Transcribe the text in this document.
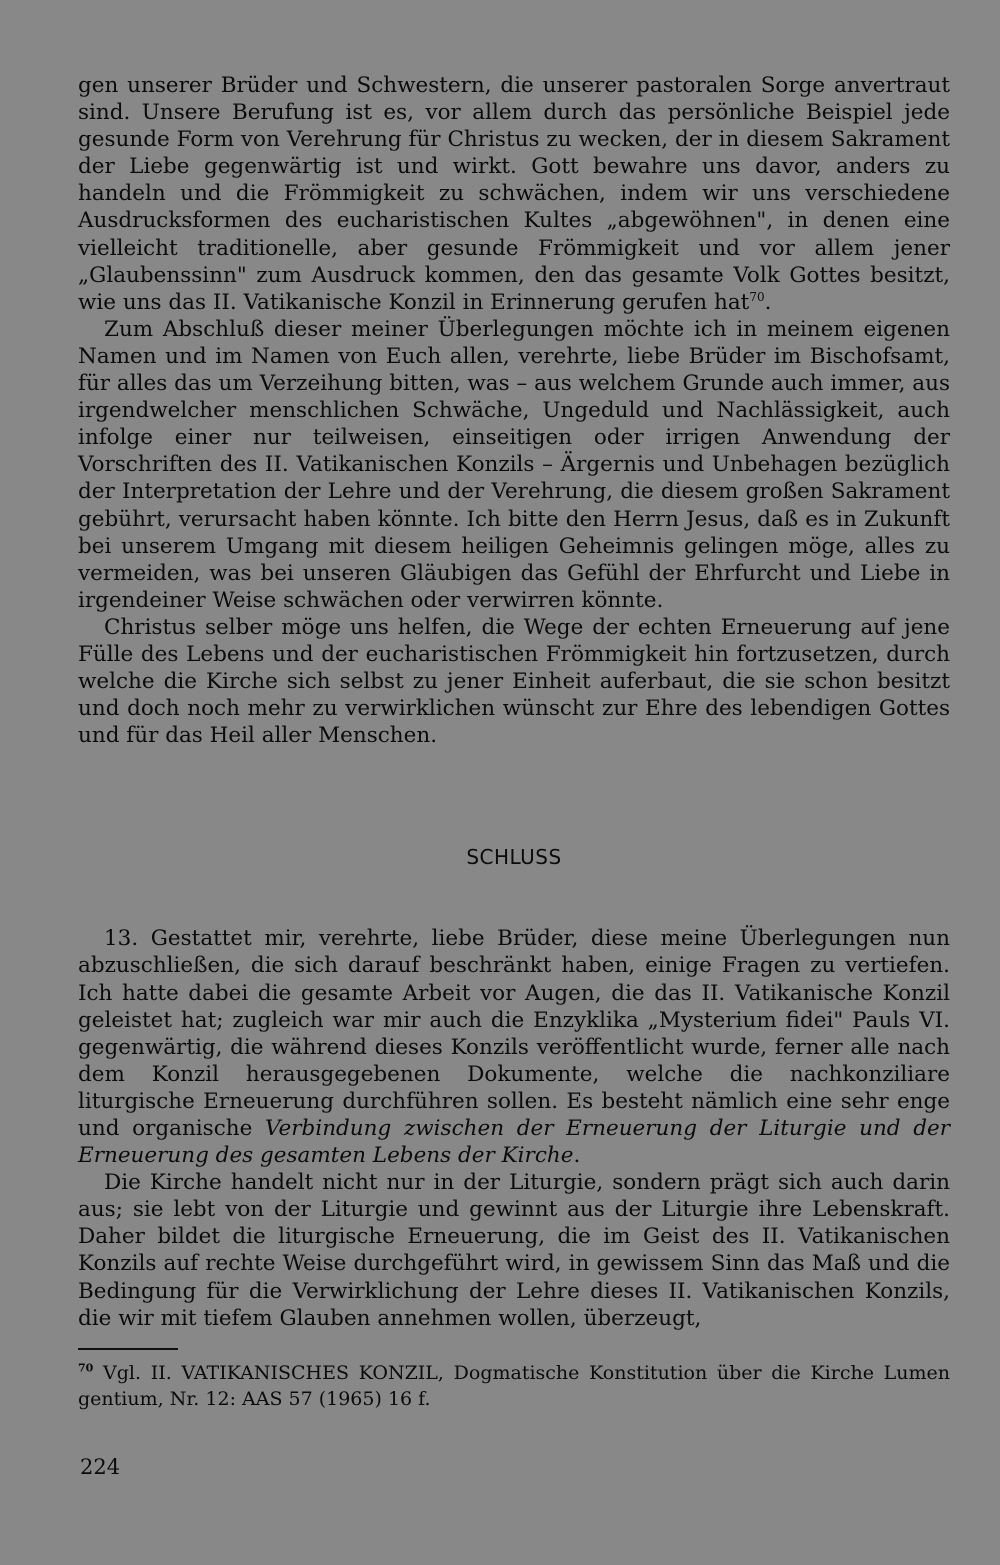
gen unserer Brüder und Schwestern, die unserer pastoralen Sorge anvertraut sind. Unsere Berufung ist es, vor allem durch das persönliche Beispiel jede gesunde Form von Verehrung für Christus zu wecken, der in diesem Sakrament der Liebe gegenwärtig ist und wirkt. Gott bewahre uns davor, anders zu handeln und die Frömmigkeit zu schwächen, indem wir uns verschiedene Ausdrucksformen des eucharistischen Kultes „abgewöhnen", in denen eine vielleicht traditionelle, aber gesunde Frömmigkeit und vor allem jener „Glaubenssinn" zum Ausdruck kommen, den das gesamte Volk Gottes besitzt, wie uns das II. Vatikanische Konzil in Erinnerung gerufen hat$^{70}$.

Zum Abschluß dieser meiner Überlegungen möchte ich in meinem eigenen Namen und im Namen von Euch allen, verehrte, liebe Brüder im Bischofsamt, für alles das um Verzeihung bitten, was – aus welchem Grunde auch immer, aus irgendwelcher menschlichen Schwäche, Ungeduld und Nachlässigkeit, auch infolge einer nur teilweisen, einseitigen oder irrigen Anwendung der Vorschriften des II. Vatikanischen Konzils – Ärgernis und Unbehagen bezüglich der Interpretation der Lehre und der Verehrung, die diesem großen Sakrament gebührt, verursacht haben könnte. Ich bitte den Herrn Jesus, daß es in Zukunft bei unserem Umgang mit diesem heiligen Geheimnis gelingen möge, alles zu vermeiden, was bei unseren Gläubigen das Gefühl der Ehrfurcht und Liebe in irgendeiner Weise schwächen oder verwirren könnte.

Christus selber möge uns helfen, die Wege der echten Erneuerung auf jene Fülle des Lebens und der eucharistischen Frömmigkeit hin fortzusetzen, durch welche die Kirche sich selbst zu jener Einheit auferbaut, die sie schon besitzt und doch noch mehr zu verwirklichen wünscht zur Ehre des lebendigen Gottes und für das Heil aller Menschen.

SCHLUSS

13. Gestattet mir, verehrte, liebe Brüder, diese meine Überlegungen nun abzuschließen, die sich darauf beschränkt haben, einige Fragen zu vertiefen. Ich hatte dabei die gesamte Arbeit vor Augen, die das II. Vatikanische Konzil geleistet hat; zugleich war mir auch die Enzyklika „Mysterium fidei" Pauls VI. gegenwärtig, die während dieses Konzils veröffentlicht wurde, ferner alle nach dem Konzil herausgegebenen Dokumente, welche die nachkonziliare liturgische Erneuerung durchführen sollen. Es besteht nämlich eine sehr enge und organische Verbindung zwischen der Erneuerung der Liturgie und der Erneuerung des gesamten Lebens der Kirche.

Die Kirche handelt nicht nur in der Liturgie, sondern prägt sich auch darin aus; sie lebt von der Liturgie und gewinnt aus der Liturgie ihre Lebenskraft. Daher bildet die liturgische Erneuerung, die im Geist des II. Vatikanischen Konzils auf rechte Weise durchgeführt wird, in gewissem Sinn das Maß und die Bedingung für die Verwirklichung der Lehre dieses II. Vatikanischen Konzils, die wir mit tiefem Glauben annehmen wollen, überzeugt,

$^{70}$ Vgl. II. VATIKANISCHES KONZIL, Dogmatische Konstitution über die Kirche Lumen gentium, Nr. 12: AAS 57 (1965) 16 f.

224
